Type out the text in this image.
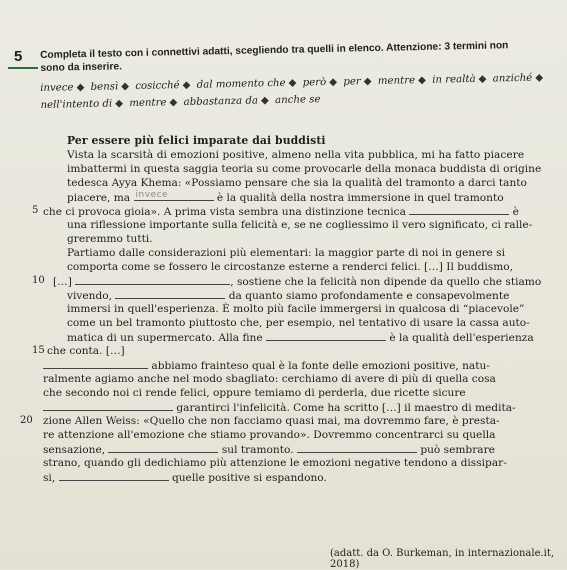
5 Completa il testo con i connettivi adatti, scegliendo tra quelli in elenco. Attenzione: 3 termini non
sono da inserire.
invece ◆ bensì ◆ cosicché ◆ dal momento che ◆ però ◆ per ◆ mentre ◆ in realtà ◆ anziché ◆ nell'intento di ◆ mentre ◆ abbastanza da ◆ anche se
Per essere più felici imparate dai buddisti
Vista la scarsità di emozioni positive, almeno nella vita pubblica, mi ha fatto piacere
imbattermi in questa saggia teoria su come provocarle della monaca buddista di origine
tedesca Ayya Khema: «Possiamo pensare che sia la qualità del tramonto a darci tanto
piacere, ma invece	è la qualità della nostra immersione in quel tramonto
5 che ci provoca gioia». A prima vista sembra una distinzione tecnica	è
una riflessione importante sulla felicità e, se ne cogliessimo il vero significato, ci ralle-
greremmo tutti.
Partiamo dalle considerazioni più elementari: la maggior parte di noi in genere si
comporta come se fossero le circostanze esterne a renderci felici. […] Il buddismo,
10 […]	, sostiene che la felicità non dipende da quello che stiamo
vivendo,	da quanto siamo profondamente e consapevolmente
immersi in quell'esperienza. È molto più facile immergersi in qualcosa di “piacevole”
come un bel tramonto piuttosto che, per esempio, nel tentativo di usare la cassa auto-
matica di un supermercato. Alla fine	è la qualità dell'esperienza
15 che conta. […]
abbiamo frainteso qual è la fonte delle emozioni positive, natu-
ralmente agiamo anche nel modo sbagliato: cerchiamo di avere di più di quella cosa
che secondo noi ci rende felici, oppure temiamo di perderla, due ricette sicure
garantirci l'infelicità. Come ha scritto […] il maestro di medita-
20 zione Allen Weiss: «Quello che non facciamo quasi mai, ma dovremmo fare, è presta-
re attenzione all'emozione che stiamo provando». Dovremmo concentrarci su quella
sensazione,	sul tramonto.	può sembrare
strano, quando gli dedichiamo più attenzione le emozioni negative tendono a dissipar-
si,	quelle positive si espandono.
(adatt. da O. Burkeman, in internazionale.it, 2018)
